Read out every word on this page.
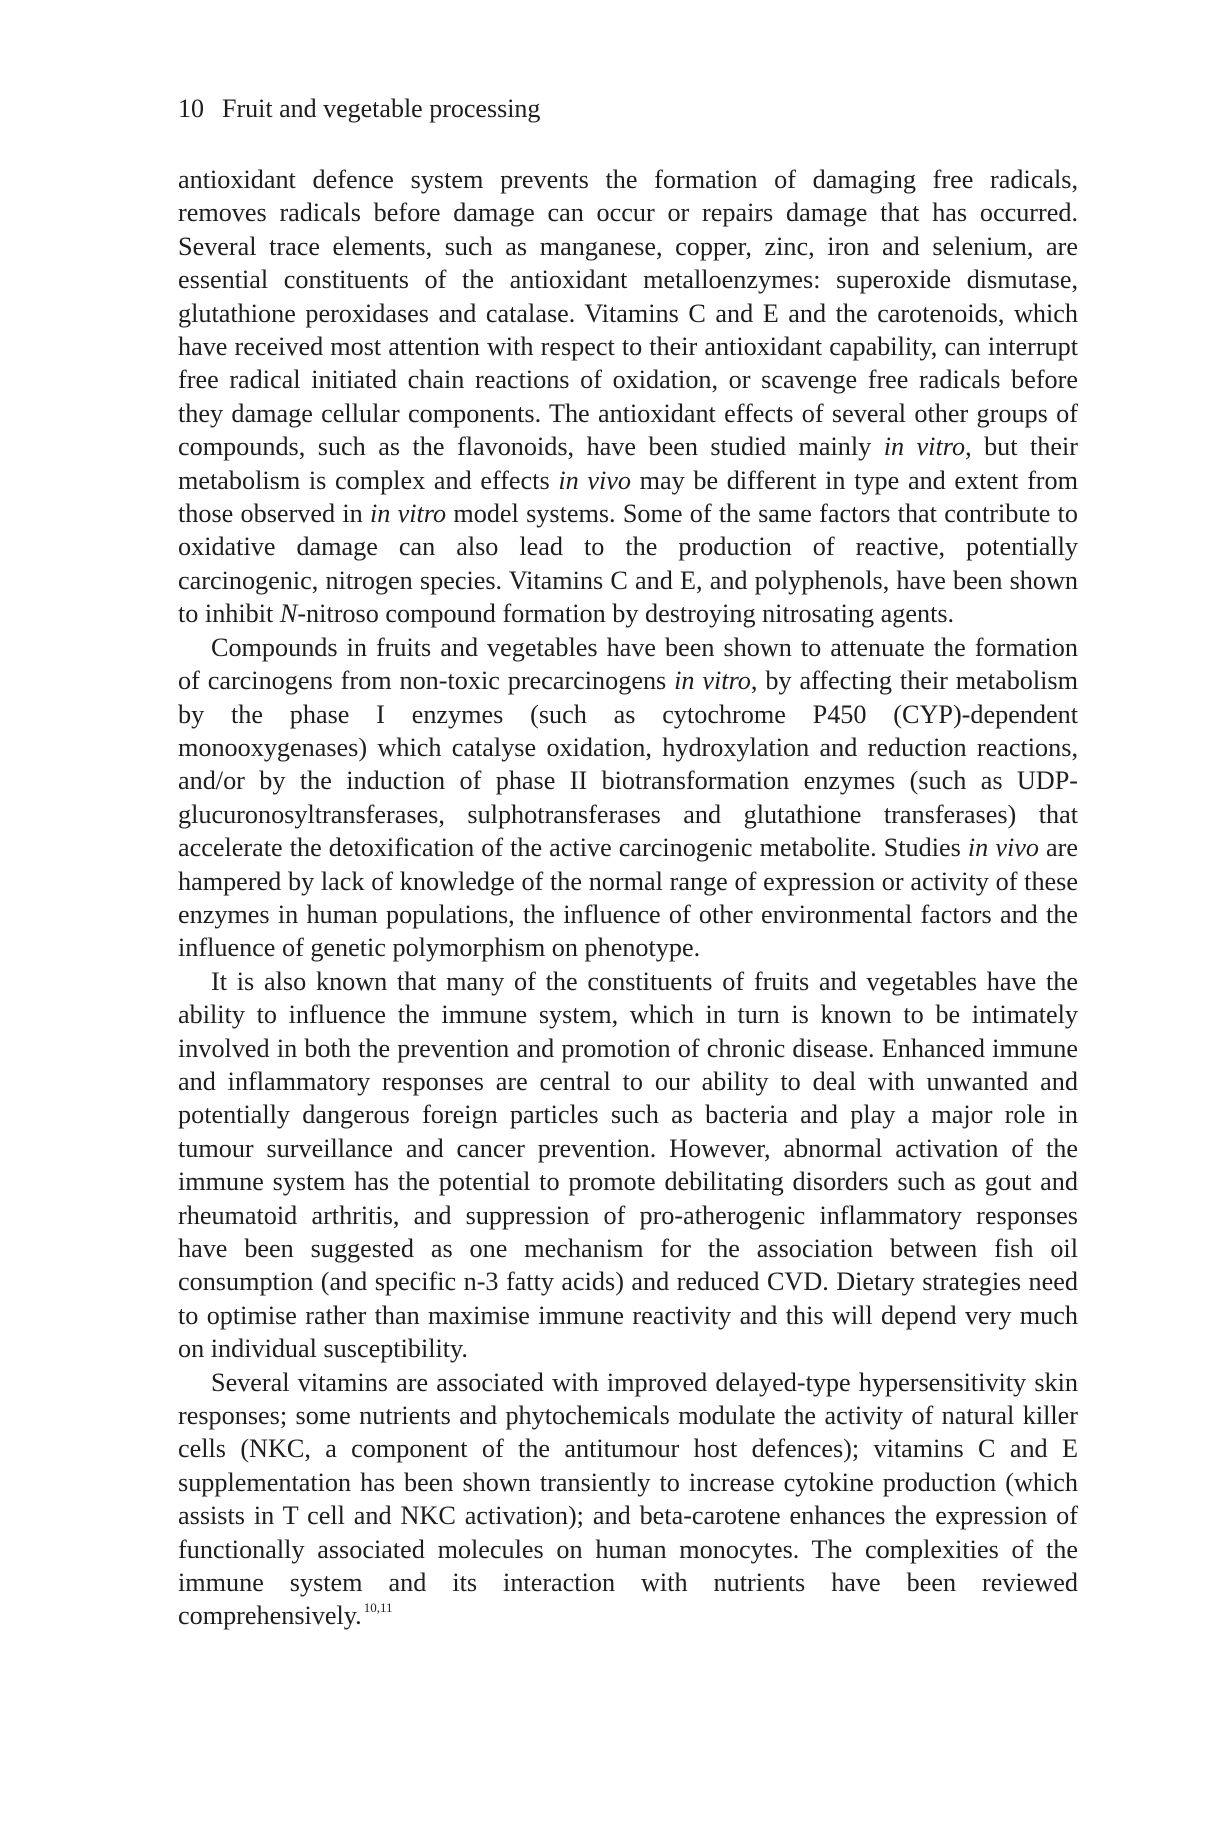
10 Fruit and vegetable processing

antioxidant defence system prevents the formation of damaging free radicals, removes radicals before damage can occur or repairs damage that has occurred. Several trace elements, such as manganese, copper, zinc, iron and selenium, are essential constituents of the antioxidant metalloenzymes: superoxide dismutase, glutathione peroxidases and catalase. Vitamins C and E and the carotenoids, which have received most attention with respect to their antioxidant capability, can interrupt free radical initiated chain reactions of oxidation, or scavenge free radicals before they damage cellular components. The antioxidant effects of several other groups of compounds, such as the flavonoids, have been studied mainly in vitro, but their metabolism is complex and effects in vivo may be different in type and extent from those observed in in vitro model systems. Some of the same factors that contribute to oxidative damage can also lead to the production of reactive, potentially carcinogenic, nitrogen species. Vitamins C and E, and polyphenols, have been shown to inhibit N-nitroso compound formation by destroying nitrosating agents.

Compounds in fruits and vegetables have been shown to attenuate the formation of carcinogens from non-toxic precarcinogens in vitro, by affecting their metabolism by the phase I enzymes (such as cytochrome P450 (CYP)-dependent monooxygenases) which catalyse oxidation, hydroxylation and reduction reactions, and/or by the induction of phase II biotransformation enzymes (such as UDP-glucuronosyltransferases, sulphotransferases and glutathione transferases) that accelerate the detoxification of the active carcinogenic metabolite. Studies in vivo are hampered by lack of knowledge of the normal range of expression or activity of these enzymes in human populations, the influence of other environmental factors and the influence of genetic polymorphism on phenotype.

It is also known that many of the constituents of fruits and vegetables have the ability to influence the immune system, which in turn is known to be intimately involved in both the prevention and promotion of chronic disease. Enhanced immune and inflammatory responses are central to our ability to deal with unwanted and potentially dangerous foreign particles such as bacteria and play a major role in tumour surveillance and cancer prevention. However, abnormal activation of the immune system has the potential to promote debilitating disorders such as gout and rheumatoid arthritis, and suppression of pro-atherogenic inflammatory responses have been suggested as one mechanism for the association between fish oil consumption (and specific n-3 fatty acids) and reduced CVD. Dietary strategies need to optimise rather than maximise immune reactivity and this will depend very much on individual susceptibility.

Several vitamins are associated with improved delayed-type hypersensitivity skin responses; some nutrients and phytochemicals modulate the activity of natural killer cells (NKC, a component of the antitumour host defences); vitamins C and E supplementation has been shown transiently to increase cytokine production (which assists in T cell and NKC activation); and beta-carotene enhances the expression of functionally associated molecules on human monocytes. The complexities of the immune system and its interaction with nutrients have been reviewed comprehensively. $^{10,11}$
